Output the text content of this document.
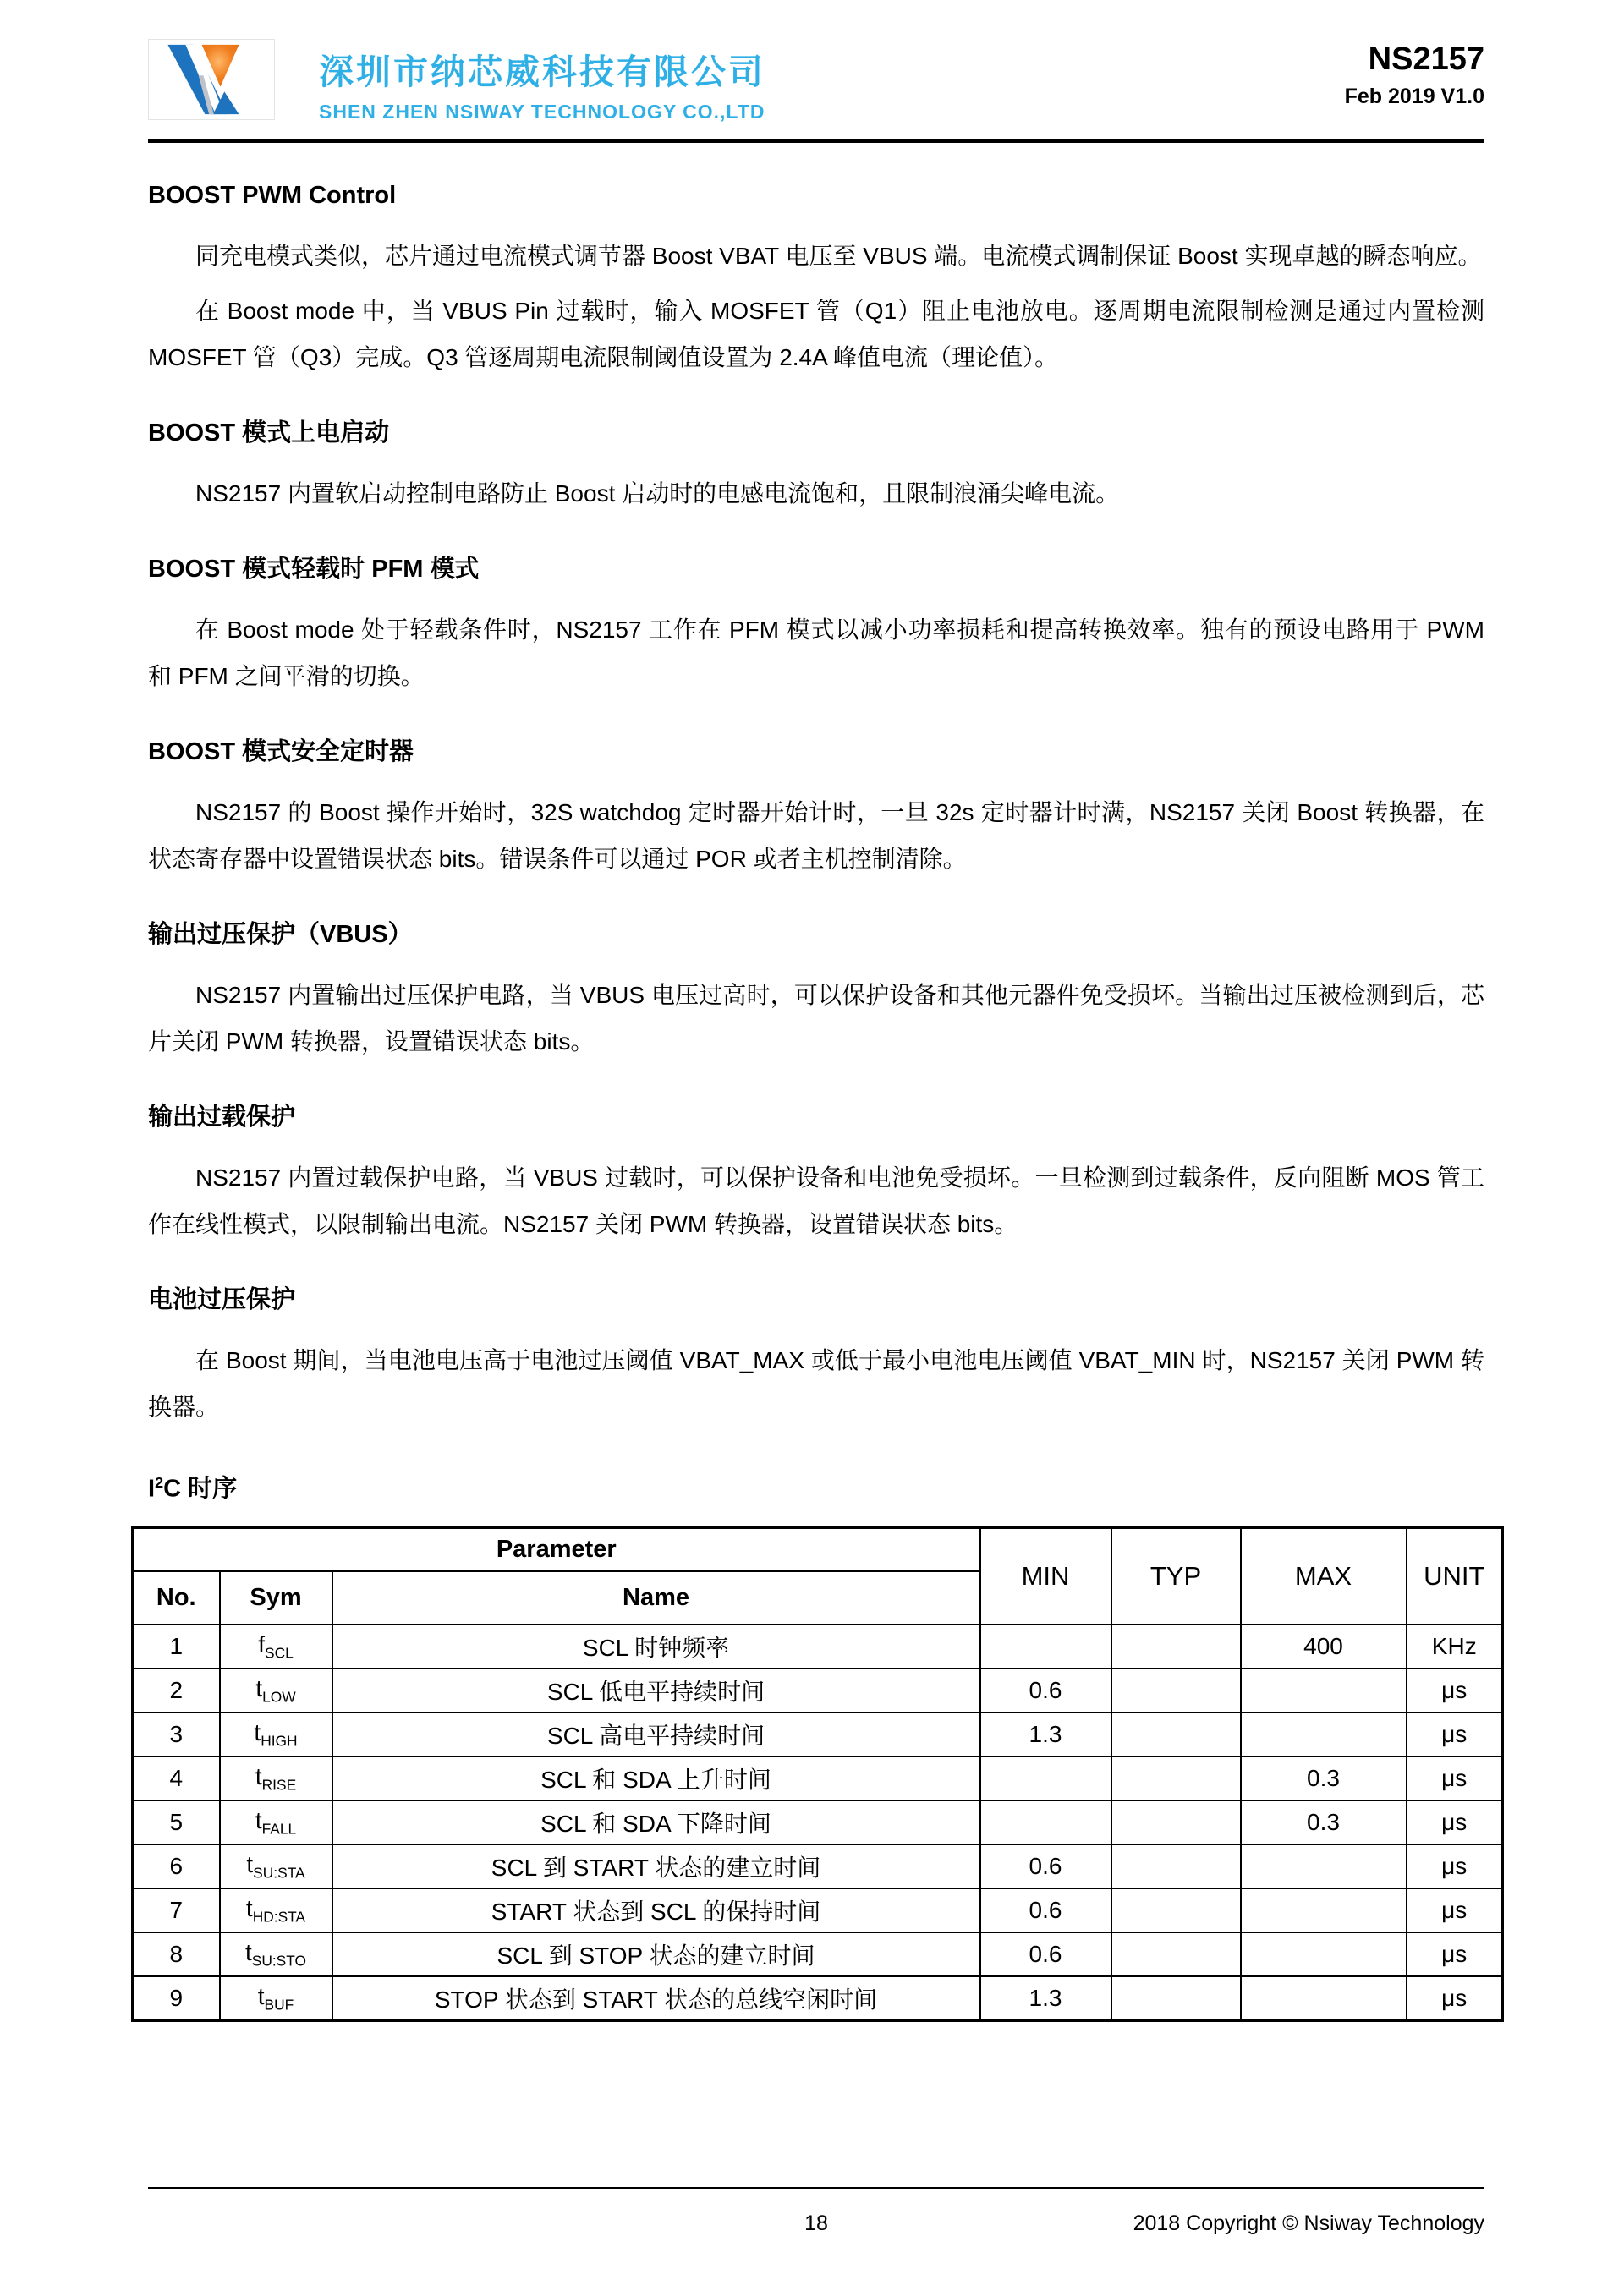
深圳市纳芯威科技有限公司
SHEN ZHEN NSIWAY TECHNOLOGY CO.,LTD
NS2157
Feb 2019 V1.0
BOOST PWM Control

同充电模式类似，芯片通过电流模式调节器 Boost VBAT 电压至 VBUS 端。电流模式调制保证 Boost 实现卓越的瞬态响应。

在 Boost mode 中，当 VBUS Pin 过载时，输入 MOSFET 管（Q1）阻止电池放电。逐周期电流限制检测是通过内置检测 MOSFET 管（Q3）完成。Q3 管逐周期电流限制阈值设置为 2.4A 峰值电流（理论值）。

BOOST 模式上电启动

NS2157 内置软启动控制电路防止 Boost 启动时的电感电流饱和，且限制浪涌尖峰电流。

BOOST 模式轻载时 PFM 模式

在 Boost mode 处于轻载条件时，NS2157 工作在 PFM 模式以减小功率损耗和提高转换效率。独有的预设电路用于 PWM 和 PFM 之间平滑的切换。

BOOST 模式安全定时器

NS2157 的 Boost 操作开始时，32S watchdog 定时器开始计时，一旦 32s 定时器计时满，NS2157 关闭 Boost 转换器，在状态寄存器中设置错误状态 bits。错误条件可以通过 POR 或者主机控制清除。

输出过压保护（VBUS）

NS2157 内置输出过压保护电路，当 VBUS 电压过高时，可以保护设备和其他元器件免受损坏。当输出过压被检测到后，芯片关闭 PWM 转换器，设置错误状态 bits。

输出过载保护

NS2157 内置过载保护电路，当 VBUS 过载时，可以保护设备和电池免受损坏。一旦检测到过载条件，反向阻断 MOS 管工作在线性模式，以限制输出电流。NS2157 关闭 PWM 转换器，设置错误状态 bits。

电池过压保护

在 Boost 期间，当电池电压高于电池过压阈值 VBAT_MAX 或低于最小电池电压阈值 VBAT_MIN 时，NS2157 关闭 PWM 转换器。

$I^2C$ 时序
Parameter			MIN	TYP	MAX	UNIT
No.	Sym	Name				
1	$f_{SCL}$	SCL 时钟频率			400	KHz
2	$t_{LOW}$	SCL 低电平持续时间	0.6			μs
3	$t_{HIGH}$	SCL 高电平持续时间	1.3			μs
4	$t_{RISE}$	SCL 和 SDA 上升时间			0.3	μs
5	$t_{FALL}$	SCL 和 SDA 下降时间			0.3	μs
6	$t_{SU:STA}$	SCL 到 START 状态的建立时间	0.6			μs
7	$t_{HD:STA}$	START 状态到 SCL 的保持时间	0.6			μs
8	$t_{SU:STO}$	SCL 到 STOP 状态的建立时间	0.6			μs
9	$t_{BUF}$	STOP 状态到 START 状态的总线空闲时间	1.3			μs
18	2018 Copyright © Nsiway Technology
